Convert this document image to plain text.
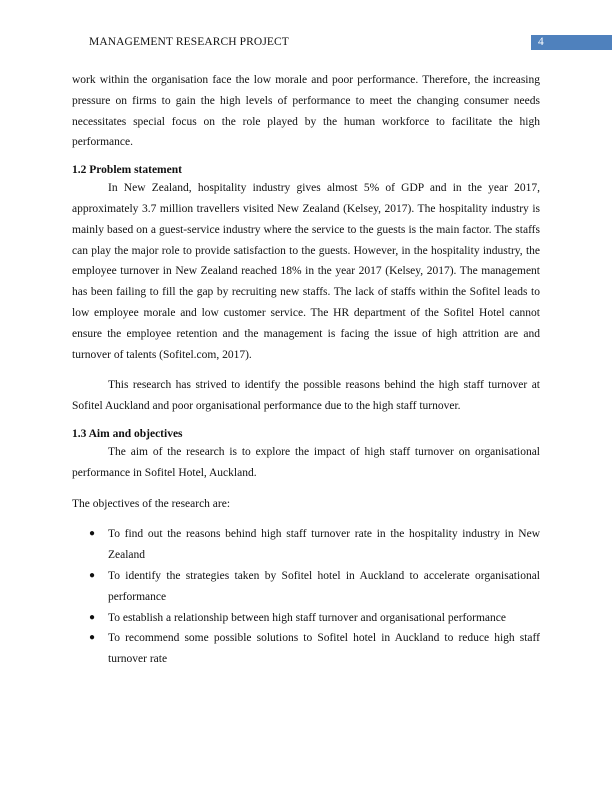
MANAGEMENT RESEARCH PROJECT	4

work within the organisation face the low morale and poor performance. Therefore, the increasing pressure on firms to gain the high levels of performance to meet the changing consumer needs necessitates special focus on the role played by the human workforce to facilitate the high performance.

1.2 Problem statement

In New Zealand, hospitality industry gives almost 5% of GDP and in the year 2017, approximately 3.7 million travellers visited New Zealand (Kelsey, 2017). The hospitality industry is mainly based on a guest-service industry where the service to the guests is the main factor. The staffs can play the major role to provide satisfaction to the guests. However, in the hospitality industry, the employee turnover in New Zealand reached 18% in the year 2017 (Kelsey, 2017). The management has been failing to fill the gap by recruiting new staffs. The lack of staffs within the Sofitel leads to low employee morale and low customer service. The HR department of the Sofitel Hotel cannot ensure the employee retention and the management is facing the issue of high attrition are and turnover of talents (Sofitel.com, 2017).

This research has strived to identify the possible reasons behind the high staff turnover at Sofitel Auckland and poor organisational performance due to the high staff turnover.

1.3 Aim and objectives

The aim of the research is to explore the impact of high staff turnover on organisational performance in Sofitel Hotel, Auckland.

The objectives of the research are:

● To find out the reasons behind high staff turnover rate in the hospitality industry in New Zealand
● To identify the strategies taken by Sofitel hotel in Auckland to accelerate organisational performance
● To establish a relationship between high staff turnover and organisational performance
● To recommend some possible solutions to Sofitel hotel in Auckland to reduce high staff turnover rate
